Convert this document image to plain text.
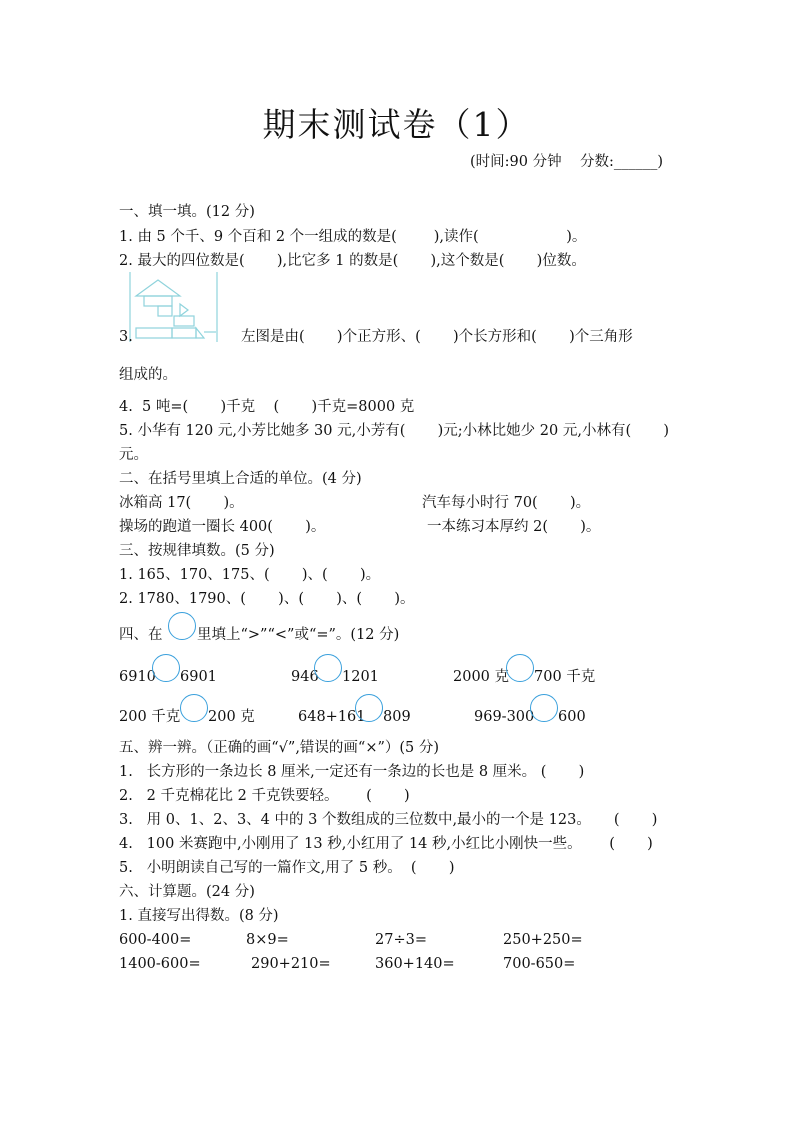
期末测试卷（1）
(时间:90 分钟    分数:______)
一、填一填。(12 分)
1. 由 5 个千、9 个百和 2 个一组成的数是(        ),读作(                   )。
2. 最大的四位数是(       ),比它多 1 的数是(       ),这个数是(       )位数。
3.	左图是由(       )个正方形、(       )个长方形和(       )个三角形
组成的。
4.  5 吨=(       )千克    (       )千克=8000 克
5. 小华有 120 元,小芳比她多 30 元,小芳有(       )元;小林比她少 20 元,小林有(       )
元。
二、在括号里填上合适的单位。(4 分)
冰箱高 17(       )。	汽车每小时行 70(       )。
操场的跑道一圈长 400(       )。	一本练习本厚约 2(       )。
三、按规律填数。(5 分)
1. 165、170、175、(       )、(       )。
2. 1780、1790、(       )、(       )、(       )。
四、在 里填上“>”“<”或“=”。(12 分)
6910 6901	946 1201	2000 克 700 千克
200 千克 200 克	648+161 809	969-300 600
五、辨一辨。（正确的画“√”,错误的画“×”）(5 分)
1.   长方形的一条边长 8 厘米,一定还有一条边的长也是 8 厘米。 (       )
2.   2 千克棉花比 2 千克铁要轻。      (       )
3.   用 0、1、2、3、4 中的 3 个数组成的三位数中,最小的一个是 123。     (       )
4.   100 米赛跑中,小刚用了 13 秒,小红用了 14 秒,小红比小刚快一些。      (       )
5.   小明朗读自己写的一篇作文,用了 5 秒。  (       )
六、计算题。(24 分)
1. 直接写出得数。(8 分)
600-400=	8×9=	27÷3=	250+250=
1400-600=	290+210=	360+140=	700-650=
